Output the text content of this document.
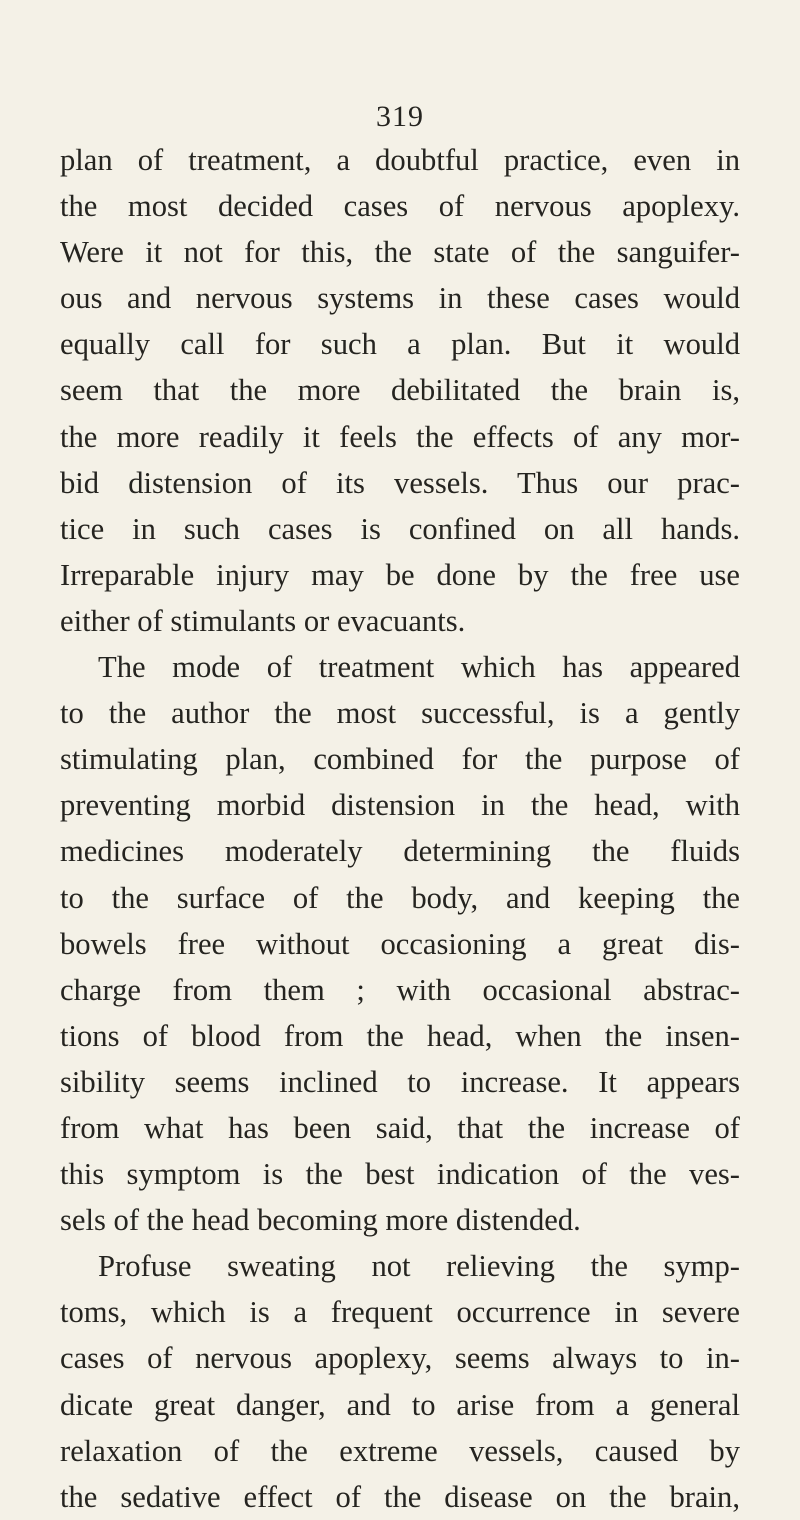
319
plan of treatment, a doubtful practice, even in
the most decided cases of nervous apoplexy.
Were it not for this, the state of the sanguifer-
ous and nervous systems in these cases would
equally call for such a plan. But it would
seem that the more debilitated the brain is,
the more readily it feels the effects of any mor-
bid distension of its vessels. Thus our prac-
tice in such cases is confined on all hands.
Irreparable injury may be done by the free use
either of stimulants or evacuants.
The mode of treatment which has appeared
to the author the most successful, is a gently
stimulating plan, combined for the purpose of
preventing morbid distension in the head, with
medicines moderately determining the fluids
to the surface of the body, and keeping the
bowels free without occasioning a great dis-
charge from them ; with occasional abstrac-
tions of blood from the head, when the insen-
sibility seems inclined to increase. It appears
from what has been said, that the increase of
this symptom is the best indication of the ves-
sels of the head becoming more distended.
Profuse sweating not relieving the symp-
toms, which is a frequent occurrence in severe
cases of nervous apoplexy, seems always to in-
dicate great danger, and to arise from a general
relaxation of the extreme vessels, caused by
the sedative effect of the disease on the brain,
